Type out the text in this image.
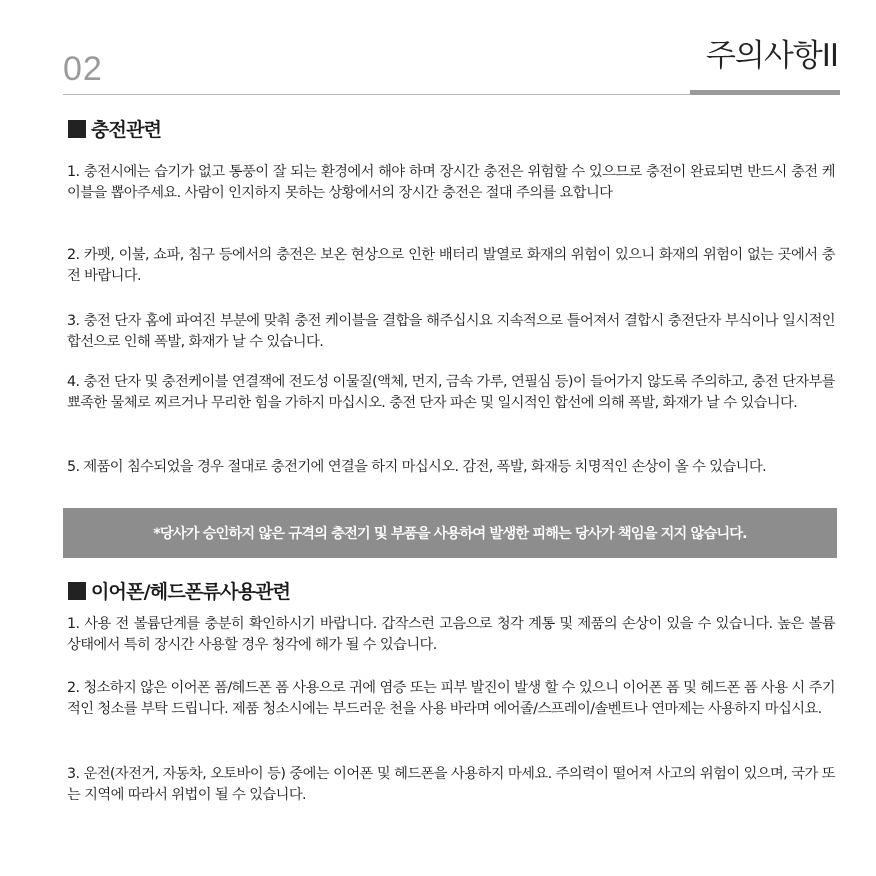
02	주의사항II
충전관련
1. 충전시에는 습기가 없고 통풍이 잘 되는 환경에서 해야 하며 장시간 충전은 위험할 수 있으므로 충전이 완료되면 반드시 충전 케이블을 뽑아주세요. 사람이 인지하지 못하는 상황에서의 장시간 충전은 절대 주의를 요합니다
2. 카펫, 이불, 쇼파, 침구 등에서의 충전은 보온 현상으로 인한 배터리 발열로 화재의 위험이 있으니 화재의 위험이 없는 곳에서 충전 바랍니다.
3. 충전 단자 홈에 파여진 부분에 맞춰 충전 케이블을 결합을 해주십시요 지속적으로 틀어져서 결합시 충전단자 부식이나 일시적인 합선으로 인해 폭발, 화재가 날 수 있습니다.
4. 충전 단자 및 충전케이블 연결잭에 전도성 이물질(액체, 먼지, 금속 가루, 연필심 등)이 들어가지 않도록 주의하고, 충전 단자부를 뾰족한 물체로 찌르거나 무리한 힘을 가하지 마십시오. 충전 단자 파손 및 일시적인 합선에 의해 폭발, 화재가 날 수 있습니다.
5. 제품이 침수되었을 경우 절대로 충전기에 연결을 하지 마십시오. 감전, 폭발, 화재등 치명적인 손상이 올 수 있습니다.
*당사가 승인하지 않은 규격의 충전기 및 부품을 사용하여 발생한 피해는 당사가 책임을 지지 않습니다.
이어폰/헤드폰류사용관련
1. 사용 전 볼륨단계를 충분히 확인하시기 바랍니다. 갑작스런 고음으로 청각 계통 및 제품의 손상이 있을 수 있습니다. 높은 볼륨 상태에서 특히 장시간 사용할 경우 청각에 해가 될 수 있습니다.
2. 청소하지 않은 이어폰 폼/헤드폰 폼 사용으로 귀에 염증 또는 피부 발진이 발생 할 수 있으니 이어폰 폼 및 헤드폰 폼 사용 시 주기적인 청소를 부탁 드립니다. 제품 청소시에는 부드러운 천을 사용 바라며 에어졸/스프레이/솔벤트나 연마제는 사용하지 마십시요.
3. 운전(자전거, 자동차, 오토바이 등) 중에는 이어폰 및 헤드폰을 사용하지 마세요. 주의력이 떨어져 사고의 위험이 있으며, 국가 또는 지역에 따라서 위법이 될 수 있습니다.
